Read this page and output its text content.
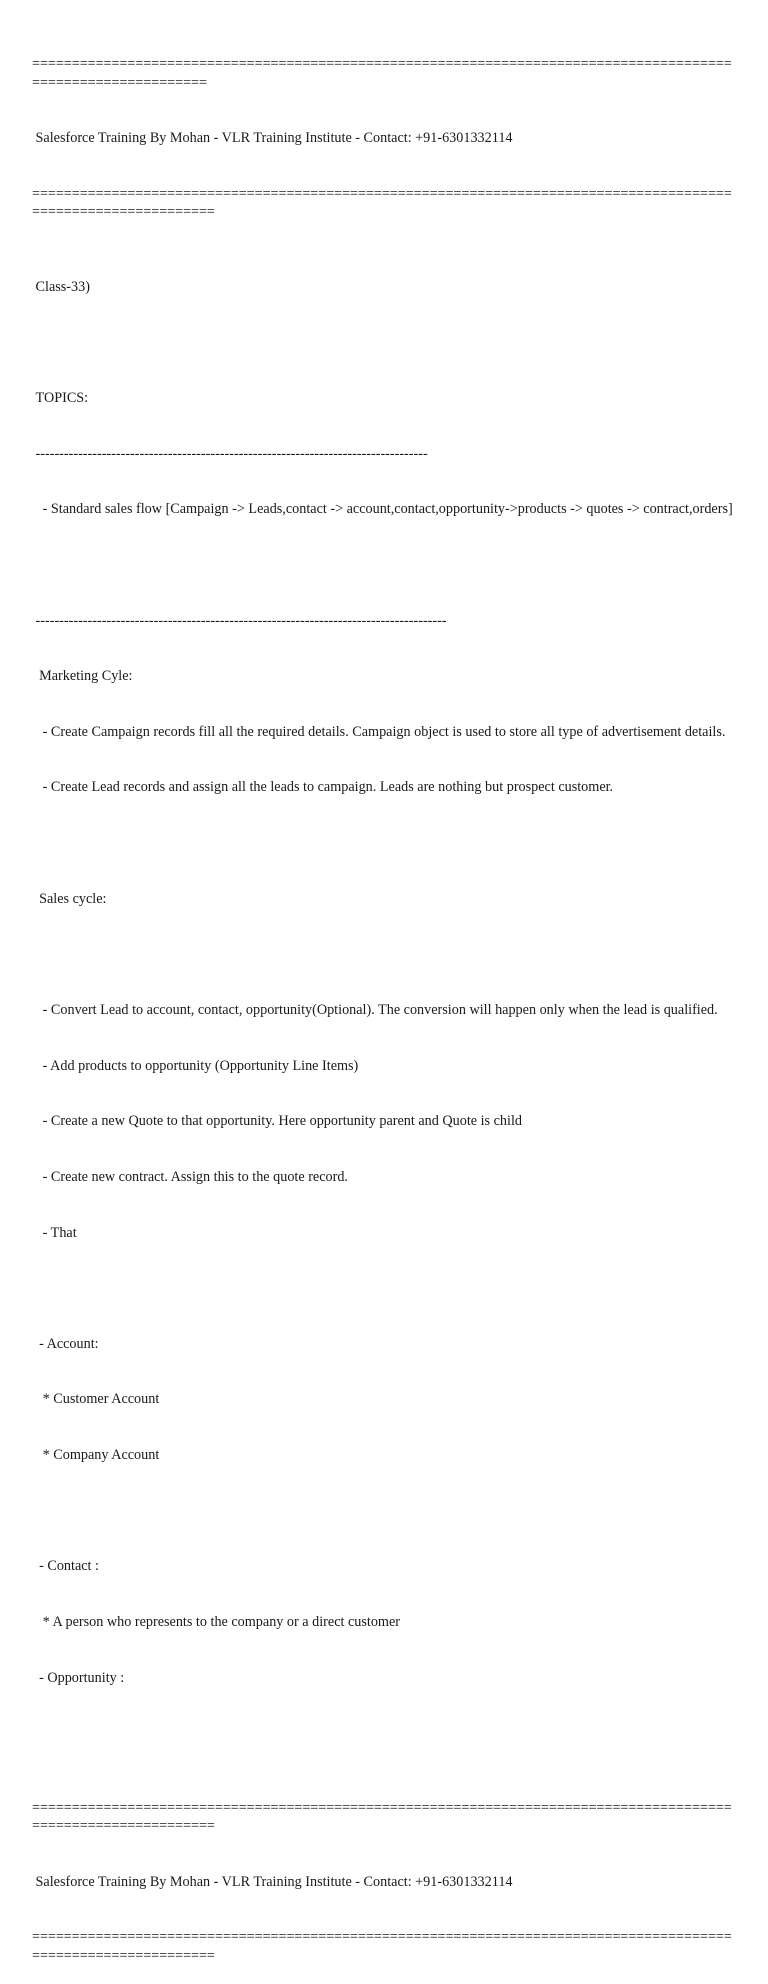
==============================================================================================================

Salesforce Training By Mohan - VLR Training Institute - Contact: +91-6301332114

===============================================================================================================

Class-33)

TOPICS:

-----------------------------------------------------------------------------------

- Standard sales flow [Campaign -> Leads,contact -> account,contact,opportunity->products -> quotes -> contract,orders]

---------------------------------------------------------------------------------------

Marketing Cyle:

- Create Campaign records fill all the required details. Campaign object is used to store all type of advertisement details.

- Create Lead records and assign all the leads to campaign. Leads are nothing but prospect customer.

Sales cycle:

- Convert Lead to account, contact, opportunity(Optional). The conversion will happen only when the lead is qualified.

- Add products to opportunity (Opportunity Line Items)

- Create a new Quote to that opportunity. Here opportunity parent and Quote is child

- Create new contract. Assign this to the quote record.

- That

- Account:

* Customer Account

* Company Account

- Contact :

* A person who represents to the company or a direct customer

- Opportunity :

===============================================================================================================

Salesforce Training By Mohan - VLR Training Institute - Contact: +91-6301332114

===============================================================================================================
